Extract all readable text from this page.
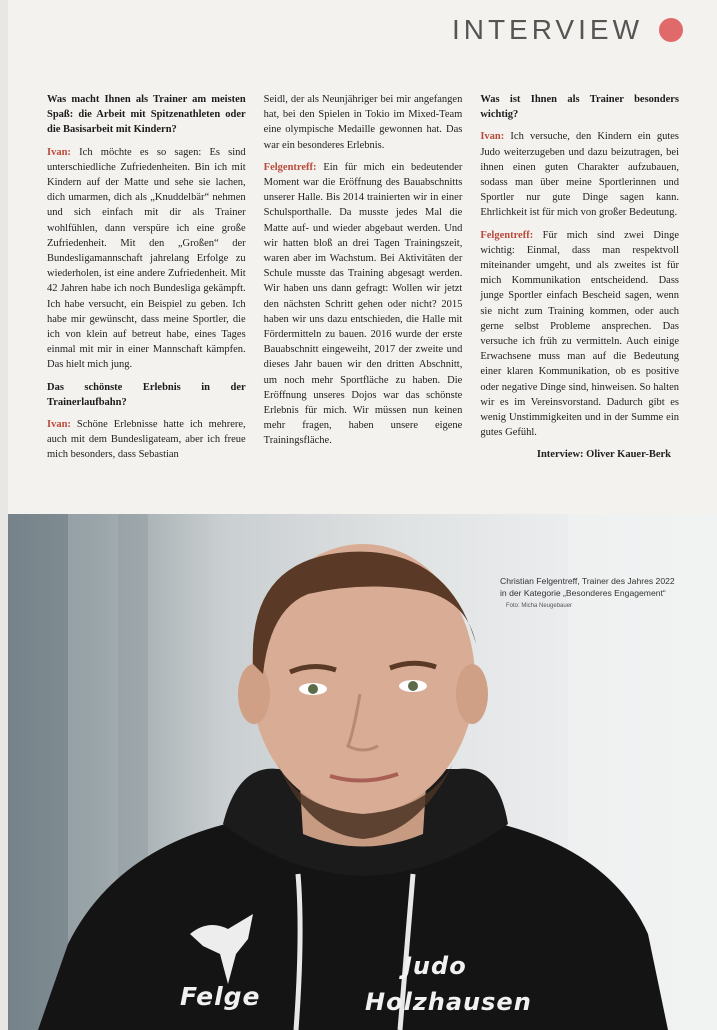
INTERVIEW

Was macht Ihnen als Trainer am meisten Spaß: die Arbeit mit Spitzenathleten oder die Basisarbeit mit Kindern?

Ivan: Ich möchte es so sagen: Es sind unterschiedliche Zufriedenheiten. Bin ich mit Kindern auf der Matte und sehe sie lachen, dich umarmen, dich als „Knuddelbär“ nehmen und sich einfach mit dir als Trainer wohlfühlen, dann verspüre ich eine große Zufriedenheit. Mit den „Großen“ der Bundesligamannschaft jahrelang Erfolge zu wiederholen, ist eine andere Zufriedenheit. Mit 42 Jahren habe ich noch Bundesliga gekämpft. Ich habe versucht, ein Beispiel zu geben. Ich habe mir gewünscht, dass meine Sportler, die ich von klein auf betreut habe, eines Tages einmal mit mir in einer Mannschaft kämpfen. Das hielt mich jung.

Das schönste Erlebnis in der Trainerlaufbahn?

Ivan: Schöne Erlebnisse hatte ich mehrere, auch mit dem Bundesligateam, aber ich freue mich besonders, dass Sebastian

Seidl, der als Neunjähriger bei mir angefangen hat, bei den Spielen in Tokio im Mixed-Team eine olympische Medaille gewonnen hat. Das war ein besonderes Erlebnis.

Felgentreff: Ein für mich ein bedeutender Moment war die Eröffnung des Bauabschnitts unserer Halle. Bis 2014 trainierten wir in einer Schulsporthalle. Da musste jedes Mal die Matte auf- und wieder abgebaut werden. Und wir hatten bloß an drei Tagen Trainingszeit, waren aber im Wachstum. Bei Aktivitäten der Schule musste das Training abgesagt werden. Wir haben uns dann gefragt: Wollen wir jetzt den nächsten Schritt gehen oder nicht? 2015 haben wir uns dazu entschieden, die Halle mit Fördermitteln zu bauen. 2016 wurde der erste Bauabschnitt eingeweiht, 2017 der zweite und dieses Jahr bauen wir den dritten Abschnitt, um noch mehr Sportfläche zu haben. Die Eröffnung unseres Dojos war das schönste Erlebnis für mich. Wir müssen nun keinen mehr fragen, haben unsere eigene Trainingsfläche.

Was ist Ihnen als Trainer besonders wichtig?

Ivan: Ich versuche, den Kindern ein gutes Judo weiterzugeben und dazu beizutragen, bei ihnen einen guten Charakter aufzubauen, sodass man über meine Sportlerinnen und Sportler nur gute Dinge sagen kann. Ehrlichkeit ist für mich von großer Bedeutung.

Felgentreff: Für mich sind zwei Dinge wichtig: Einmal, dass man respektvoll miteinander umgeht, und als zweites ist für mich Kommunikation entscheidend. Dass junge Sportler einfach Bescheid sagen, wenn sie nicht zum Training kommen, oder auch gerne selbst Probleme ansprechen. Das versuche ich früh zu vermitteln. Auch einige Erwachsene muss man auf die Bedeutung einer klaren Kommunikation, ob es positive oder negative Dinge sind, hinweisen. So halten wir es im Vereinsvorstand. Dadurch gibt es wenig Unstimmigkeiten und in der Summe ein gutes Gefühl.

Interview: Oliver Kauer-Berk

Felge
Judo
Holzhausen
Christian Felgentreff, Trainer des Jahres 2022 in der Kategorie „Besonderes Engagement“ Foto: Micha Neugebauer
